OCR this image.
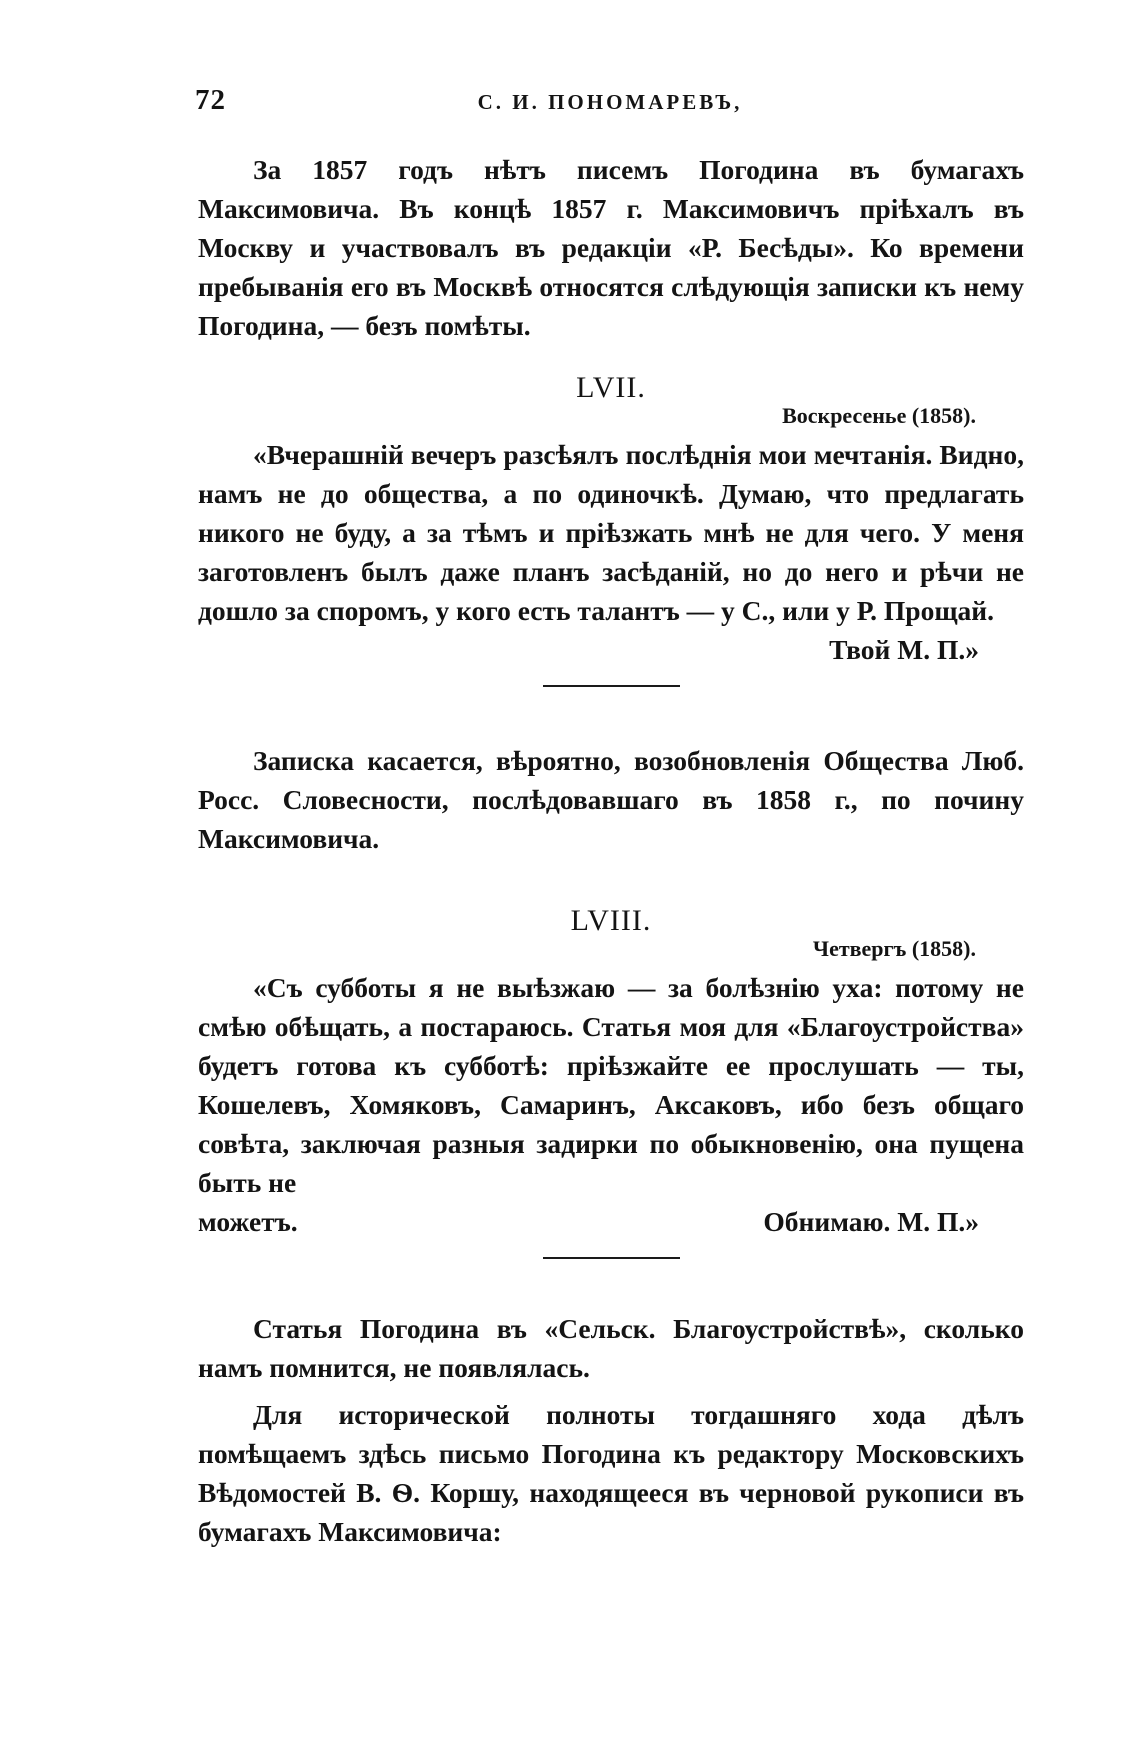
72	С. И. ПОНОМАРЕВЪ,

За 1857 годъ нѣтъ писемъ Погодина въ бумагахъ Максимовича. Въ концѣ 1857 г. Максимовичъ пріѣхалъ въ Москву и участвовалъ въ редакціи «Р. Бесѣды». Ко времени пребыванія его въ Москвѣ относятся слѣдующія записки къ нему Погодина, — безъ помѣты.

LVII.
Воскресенье (1858).

«Вчерашній вечеръ разсѣялъ послѣднія мои мечтанія. Видно, намъ не до общества, а по одиночкѣ. Думаю, что предлагать никого не буду, а за тѣмъ и пріѣзжать мнѣ не для чего. У меня заготовленъ былъ даже планъ засѣданій, но до него и рѣчи не дошло за споромъ, у кого есть талантъ — у С., или у Р. Прощай.

Твой М. П.»

Записка касается, вѣроятно, возобновленія Общества Люб. Росс. Словесности, послѣдовавшаго въ 1858 г., по почину Максимовича.

LVIII.
Четвергъ (1858).

«Съ субботы я не выѣзжаю — за болѣзнію уха: потому не смѣю обѣщать, а постараюсь. Статья моя для «Благоустройства» будетъ готова къ субботѣ: пріѣзжайте ее прослушать — ты, Кошелевъ, Хомяковъ, Самаринъ, Аксаковъ, ибо безъ общаго совѣта, заключая разныя задирки по обыкновенію, она пущена быть не

можетъ.	Обнимаю. М. П.»

Статья Погодина въ «Сельск. Благоустройствѣ», сколько намъ помнится, не появлялась.

Для исторической полноты тогдашняго хода дѣлъ помѣщаемъ здѣсь письмо Погодина къ редактору Московскихъ Вѣдомостей В. Ѳ. Коршу, находящееся въ черновой рукописи въ бумагахъ Максимовича:
